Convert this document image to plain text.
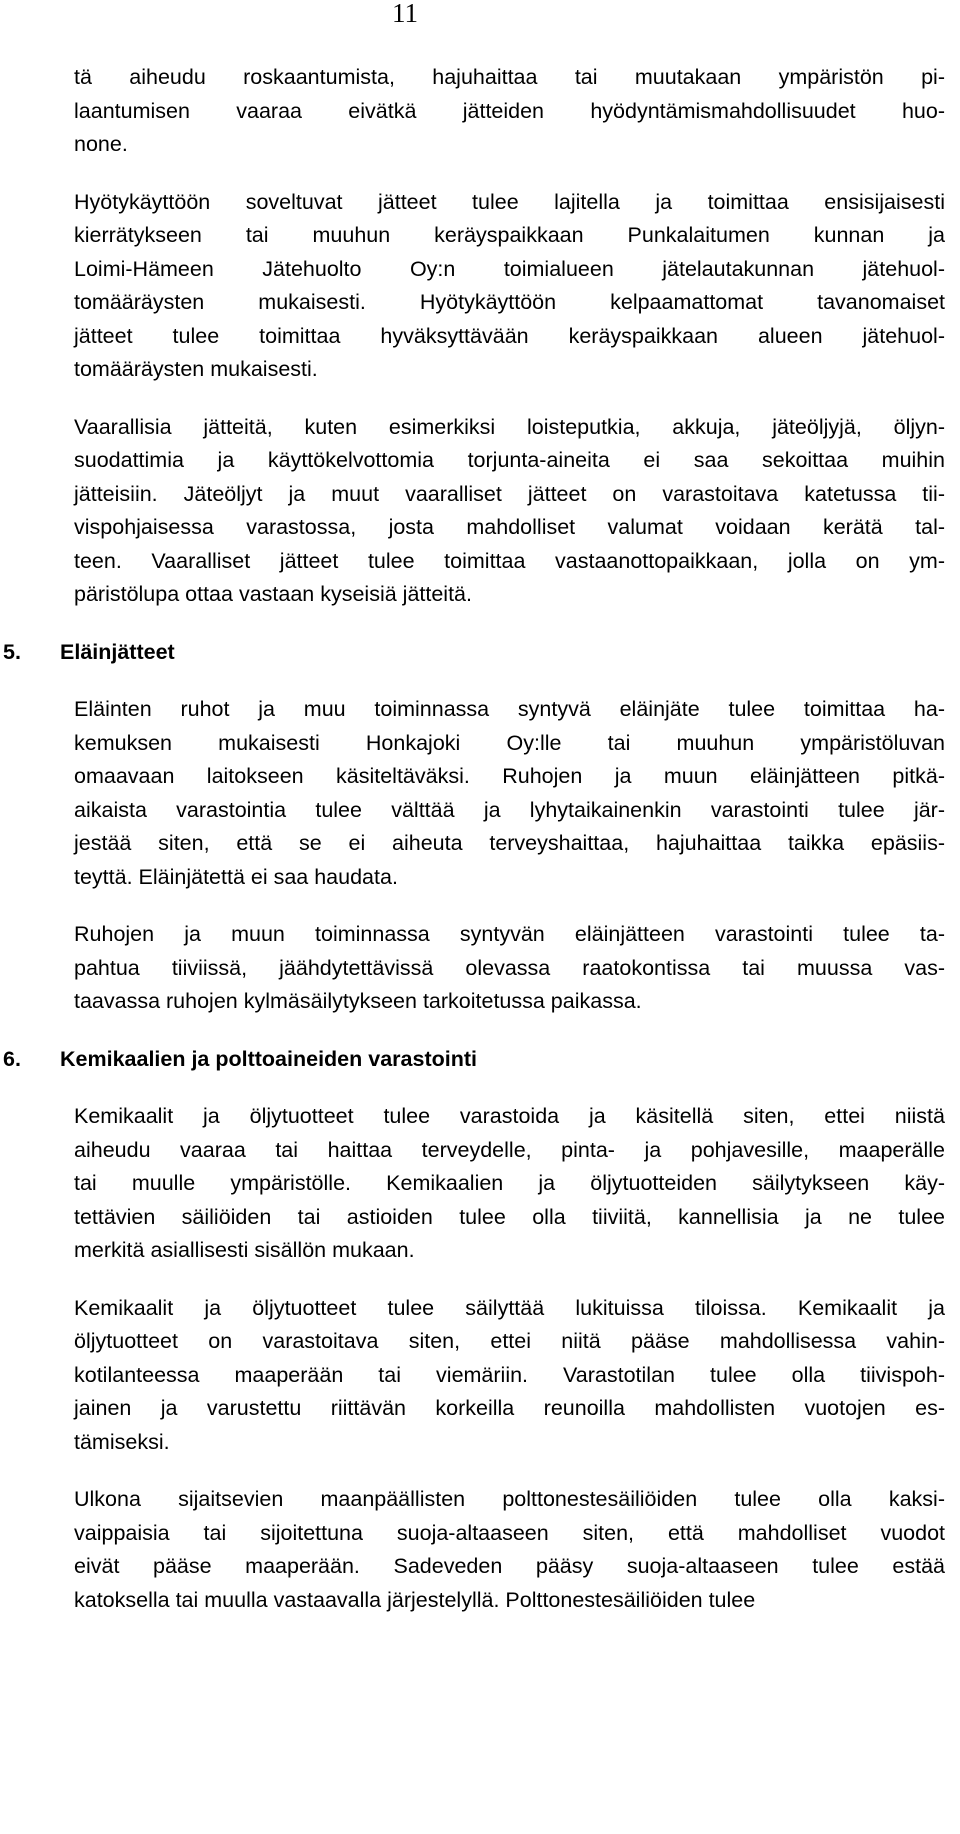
11

tä aiheudu roskaantumista, hajuhaittaa tai muutakaan ympäristön pi-
laantumisen vaaraa eivätkä jätteiden hyödyntämismahdollisuudet huo-
none.

Hyötykäyttöön soveltuvat jätteet tulee lajitella ja toimittaa ensisijaisesti
kierrätykseen tai muuhun keräyspaikkaan Punkalaitumen kunnan ja
Loimi-Hämeen Jätehuolto Oy:n toimialueen jätelautakunnan jätehuol-
tomääräysten mukaisesti. Hyötykäyttöön kelpaamattomat tavanomaiset
jätteet tulee toimittaa hyväksyttävään keräyspaikkaan alueen jätehuol-
tomääräysten mukaisesti.

Vaarallisia jätteitä, kuten esimerkiksi loisteputkia, akkuja, jäteöljyjä, öljyn-
suodattimia ja käyttökelvottomia torjunta-aineita ei saa sekoittaa muihin
jätteisiin. Jäteöljyt ja muut vaaralliset jätteet on varastoitava katetussa tii-
vispohjaisessa varastossa, josta mahdolliset valumat voidaan kerätä tal-
teen. Vaaralliset jätteet tulee toimittaa vastaanottopaikkaan, jolla on ym-
päristölupa ottaa vastaan kyseisiä jätteitä.

5. Eläinjätteet

Eläinten ruhot ja muu toiminnassa syntyvä eläinjäte tulee toimittaa ha-
kemuksen mukaisesti Honkajoki Oy:lle tai muuhun ympäristöluvan
omaavaan laitokseen käsiteltäväksi. Ruhojen ja muun eläinjätteen pitkä-
aikaista varastointia tulee välttää ja lyhytaikainenkin varastointi tulee jär-
jestää siten, että se ei aiheuta terveyshaittaa, hajuhaittaa taikka epäsiis-
teyttä. Eläinjätettä ei saa haudata.

Ruhojen ja muun toiminnassa syntyvän eläinjätteen varastointi tulee ta-
pahtua tiiviissä, jäähdytettävissä olevassa raatokontissa tai muussa vas-
taavassa ruhojen kylmäsäilytykseen tarkoitetussa paikassa.

6. Kemikaalien ja polttoaineiden varastointi

Kemikaalit ja öljytuotteet tulee varastoida ja käsitellä siten, ettei niistä
aiheudu vaaraa tai haittaa terveydelle, pinta- ja pohjavesille, maaperälle
tai muulle ympäristölle. Kemikaalien ja öljytuotteiden säilytykseen käy-
tettävien säiliöiden tai astioiden tulee olla tiiviitä, kannellisia ja ne tulee
merkitä asiallisesti sisällön mukaan.

Kemikaalit ja öljytuotteet tulee säilyttää lukituissa tiloissa. Kemikaalit ja
öljytuotteet on varastoitava siten, ettei niitä pääse mahdollisessa vahin-
kotilanteessa maaperään tai viemäriin. Varastotilan tulee olla tiivispoh-
jainen ja varustettu riittävän korkeilla reunoilla mahdollisten vuotojen es-
tämiseksi.

Ulkona sijaitsevien maanpäällisten polttonestesäiliöiden tulee olla kaksi-
vaippaisia tai sijoitettuna suoja-altaaseen siten, että mahdolliset vuodot
eivät pääse maaperään. Sadeveden pääsy suoja-altaaseen tulee estää
katoksella tai muulla vastaavalla järjestelyllä. Polttonestesäiliöiden tulee
